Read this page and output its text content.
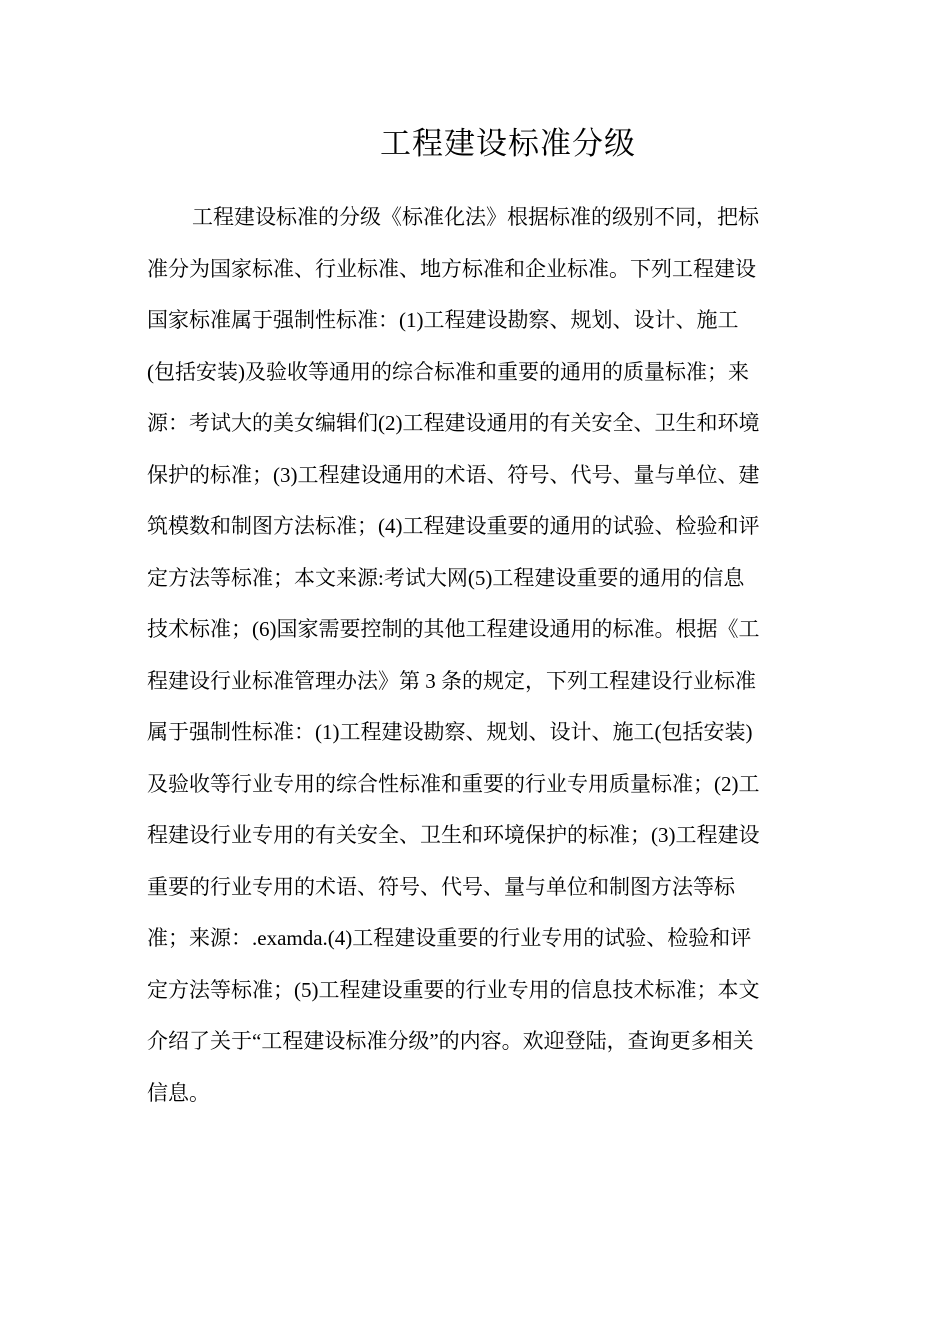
工程建设标准分级
工程建设标准的分级《标准化法》根据标准的级别不同，把标
准分为国家标准、行业标准、地方标准和企业标准。下列工程建设
国家标准属于强制性标准：(1)工程建设勘察、规划、设计、施工
(包括安装)及验收等通用的综合标准和重要的通用的质量标准；来
源：考试大的美女编辑们(2)工程建设通用的有关安全、卫生和环境
保护的标准；(3)工程建设通用的术语、符号、代号、量与单位、建
筑模数和制图方法标准；(4)工程建设重要的通用的试验、检验和评
定方法等标准；本文来源:考试大网(5)工程建设重要的通用的信息
技术标准；(6)国家需要控制的其他工程建设通用的标准。根据《工
程建设行业标准管理办法》第 3 条的规定，下列工程建设行业标准
属于强制性标准：(1)工程建设勘察、规划、设计、施工(包括安装)
及验收等行业专用的综合性标准和重要的行业专用质量标准；(2)工
程建设行业专用的有关安全、卫生和环境保护的标准；(3)工程建设
重要的行业专用的术语、符号、代号、量与单位和制图方法等标
准；来源：.examda.(4)工程建设重要的行业专用的试验、检验和评
定方法等标准；(5)工程建设重要的行业专用的信息技术标准；本文
介绍了关于“工程建设标准分级”的内容。欢迎登陆，查询更多相关
信息。
